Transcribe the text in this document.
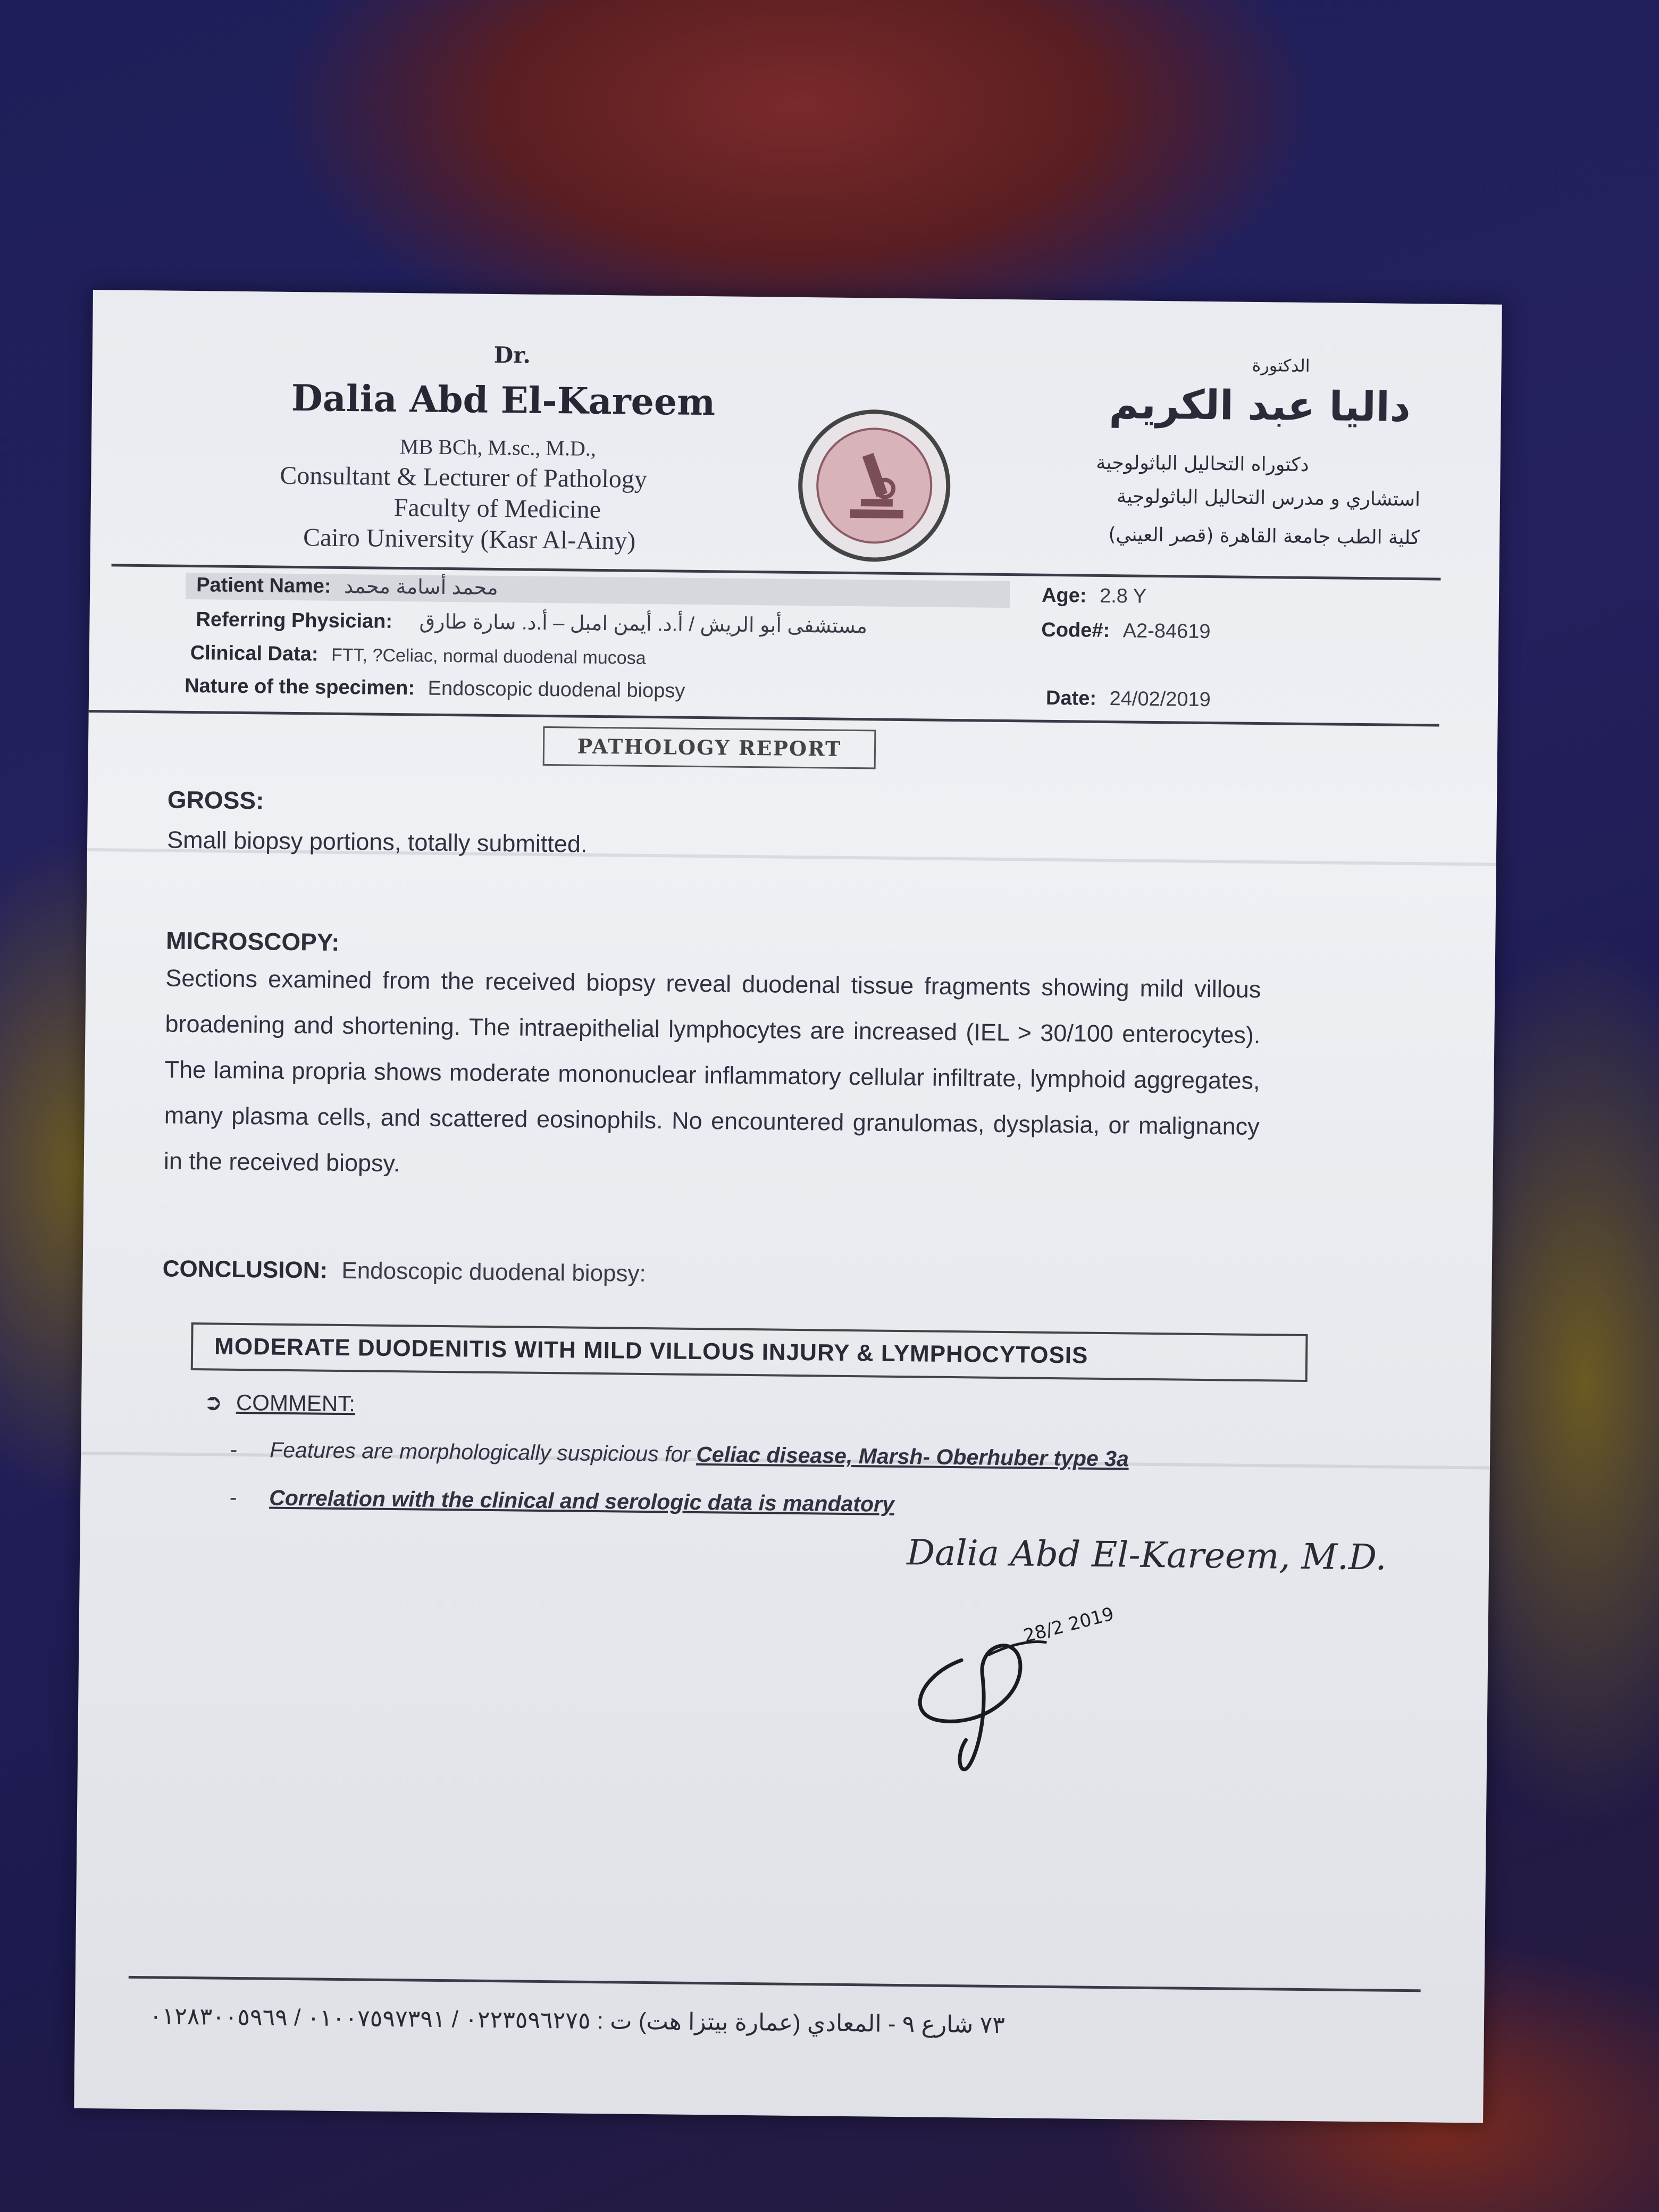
Dr.
Dalia Abd El-Kareem
MB BCh, M.sc., M.D.,
Consultant & Lecturer of Pathology
Faculty of Medicine
Cairo University (Kasr Al-Ainy)
الدكتورة
داليا عبد الكريم
دكتوراه التحاليل الباثولوجية
استشاري و مدرس التحاليل الباثولوجية
كلية الطب جامعة القاهرة (قصر العيني)
Patient Name: محمد أسامة محمد	Age: 2.8 Y
Referring Physician: مستشفى أبو الريش / أ.د. أيمن امبل – أ.د. سارة طارق	Code#: A2-84619
Clinical Data: FTT, ?Celiac, normal duodenal mucosa
Nature of the specimen: Endoscopic duodenal biopsy	Date: 24/02/2019
PATHOLOGY REPORT
GROSS:
Small biopsy portions, totally submitted.
MICROSCOPY:
Sections examined from the received biopsy reveal duodenal tissue fragments showing mild villous broadening and shortening. The intraepithelial lymphocytes are increased (IEL > 30/100 enterocytes). The lamina propria shows moderate mononuclear inflammatory cellular infiltrate, lymphoid aggregates, many plasma cells, and scattered eosinophils. No encountered granulomas, dysplasia, or malignancy in the received biopsy.
CONCLUSION: Endoscopic duodenal biopsy:
MODERATE DUODENITIS WITH MILD VILLOUS INJURY & LYMPHOCYTOSIS
➲ COMMENT:
- Features are morphologically suspicious for Celiac disease, Marsh- Oberhuber type 3a
- Correlation with the clinical and serologic data is mandatory
Dalia Abd El-Kareem, M.D.
28/2 2019
٧٣ شارع ٩ - المعادي (عمارة بيتزا هت) ت : ٠٢٢٣٥٩٦٢٧٥ / ٠١٠٠٧٥٩٧٣٩١ / ٠١٢٨٣٠٠٥٩٦٩
